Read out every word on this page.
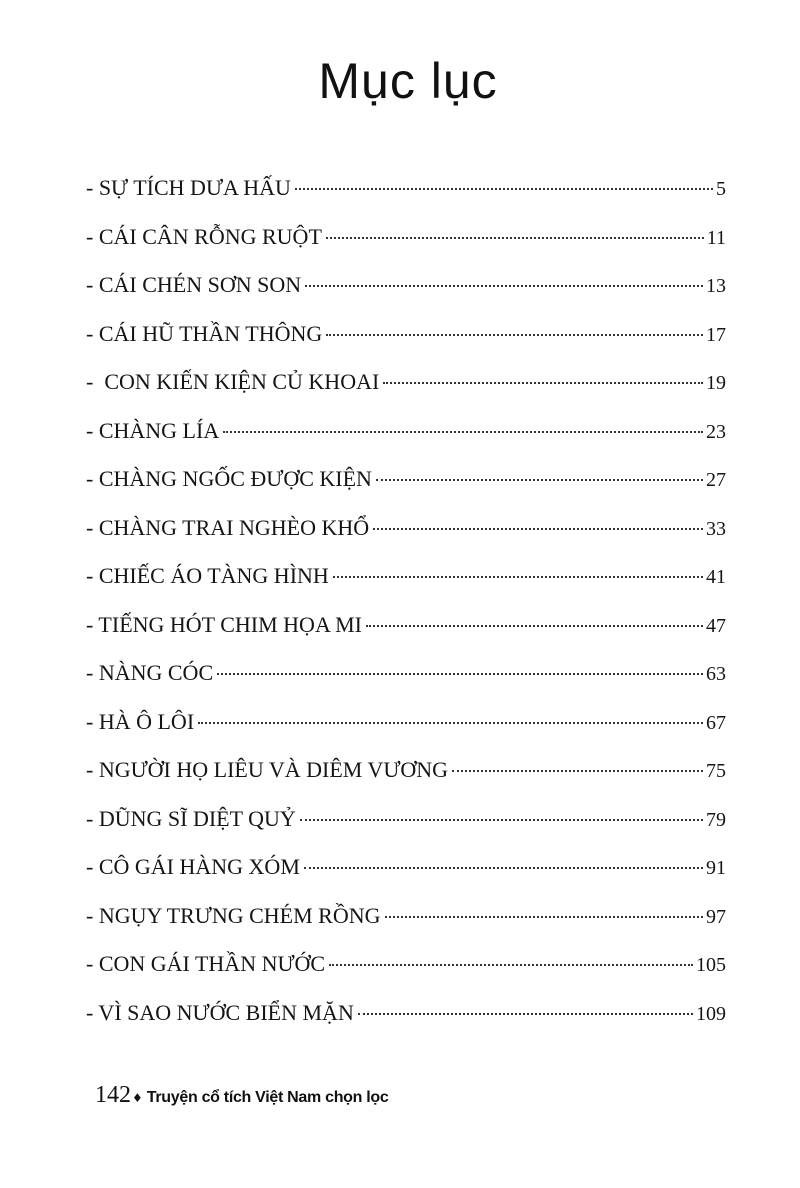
Mục lục
- SỰ TÍCH DƯA HẤU	5
- CÁI CÂN RỖNG RUỘT	11
- CÁI CHÉN SƠN SON	13
- CÁI HŨ THẦN THÔNG	17
-  CON KIẾN KIỆN CỦ KHOAI	19
- CHÀNG LÍA	23
- CHÀNG NGỐC ĐƯỢC KIỆN	27
- CHÀNG TRAI NGHÈO KHỔ	33
- CHIẾC ÁO TÀNG HÌNH	41
- TIẾNG HÓT CHIM HỌA MI	47
- NÀNG CÓC	63
- HÀ Ô LÔI	67
- NGƯỜI HỌ LIÊU VÀ DIÊM VƯƠNG	75
- DŨNG SĨ DIỆT QUỶ	79
- CÔ GÁI HÀNG XÓM	91
- NGỤY TRƯNG CHÉM RỒNG	97
- CON GÁI THẦN NƯỚC	105
- VÌ SAO NƯỚC BIỂN MẶN	109
142 ♦ Truyện cổ tích Việt Nam chọn lọc
